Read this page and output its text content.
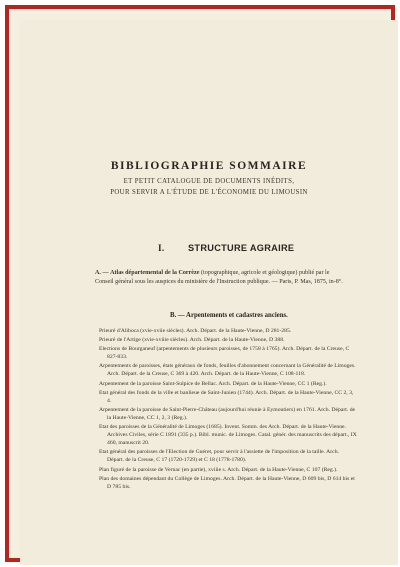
BIBLIOGRAPHIE SOMMAIRE
ET PETIT CATALOGUE DE DOCUMENTS INÉDITS,
POUR SERVIR A L'ÉTUDE DE L'ÉCONOMIE DU LIMOUSIN
I.	STRUCTURE AGRAIRE
A. — Atlas départemental de la Corrèze (topographique, agricole et géologique) publié par le Conseil général sous les auspices du ministère de l'Instruction publique. — Paris, P. Mas, 1875, in-8°.
B. — Arpentements et cadastres anciens.

Prieuré d'Aliboca (xvie-xviie siècles). Arch. Départ. de la Haute-Vienne, D 281-285.

Prieuré de l'Artige (xvie-xviiie siècles). Arch. Départ. de la Haute-Vienne, D 388.

Elections de Bourganeuf (arpentements de plusieurs paroisses, de 1758 à 1765). Arch. Départ. de la Creuse, C 827-833.

Arpentements de paroisses, états généraux de fonds, feuilles d'abonnement concernant la Généralité de Limoges. Arch. Départ. de la Creuse, C 369 à 420. Arch. Départ. de la Haute-Vienne, C 108-118.

Arpentement de la paroisse Saint-Sulpice de Bellac. Arch. Départ. de la Haute-Vienne, CC 1 (Reg.).

Etat général des fonds de la ville et banlieue de Saint-Junien (1744). Arch. Départ. de la Haute-Vienne, CC 2, 3, 4.

Arpentement de la paroisse de Saint-Pierre-Château (aujourd'hui réunie à Eymoutiers) en 1761. Arch. Départ. de la Haute-Vienne, CC 1, 2, 3 (Reg.).

Etat des paroisses de la Généralité de Limoges (1685). Invent. Somm. des Arch. Départ. de la Haute-Vienne. Archives Civiles, série C 1891 (335 p.). Bibl. munic. de Limoges. Catal. génér. des manuscrits des départ., IX 460, manuscrit 20.

Etat général des paroisses de l'Election de Guéret, pour servir à l'assiette de l'imposition de la taille. Arch. Départ. de la Creuse, C 17 (1720-1729) et C 18 (1778-1780).

Plan figuré de la paroisse de Vernac (en partie), xviiie s. Arch. Départ. de la Haute-Vienne, C 107 (Reg.).

Plan des domaines dépendant du Collège de Limoges. Arch. Départ. de la Haute-Vienne, D 609 bis, D 614 bis et D 785 bis.
